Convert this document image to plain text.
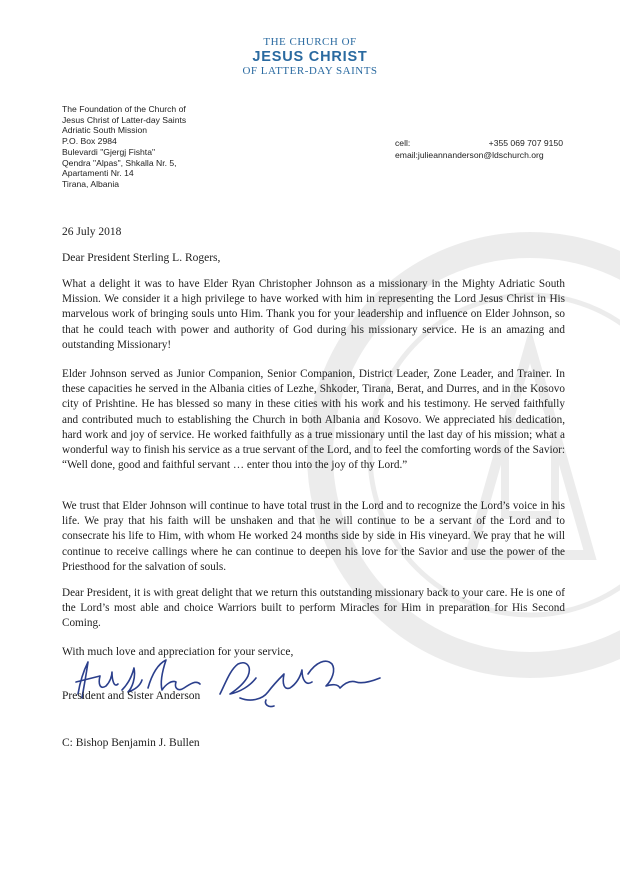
THE CHURCH OF
JESUS CHRIST
OF LATTER-DAY SAINTS
The Foundation of the Church of
Jesus Christ of Latter-day Saints
Adriatic South Mission
P.O. Box 2984
Bulevardi "Gjergj Fishta"
Qendra "Alpas", Shkalla Nr. 5,
Apartamenti Nr. 14
Tirana, Albania
cell:	+355 069 707 9150
email:julieannanderson@ldschurch.org
26 July 2018
Dear President Sterling L. Rogers,

What a delight it was to have Elder Ryan Christopher Johnson as a missionary in the Mighty Adriatic South Mission. We consider it a high privilege to have worked with him in representing the Lord Jesus Christ in His marvelous work of bringing souls unto Him. Thank you for your leadership and influence on Elder Johnson, so that he could teach with power and authority of God during his missionary service. He is an amazing and outstanding Missionary!

Elder Johnson served as Junior Companion, Senior Companion, District Leader, Zone Leader, and Trainer. In these capacities he served in the Albania cities of Lezhe, Shkoder, Tirana, Berat, and Durres, and in the Kosovo city of Prishtine. He has blessed so many in these cities with his work and his testimony. He served faithfully and contributed much to establishing the Church in both Albania and Kosovo. We appreciated his dedication, hard work and joy of service. He worked faithfully as a true missionary until the last day of his mission; what a wonderful way to finish his service as a true servant of the Lord, and to feel the comforting words of the Savior: “Well done, good and faithful servant … enter thou into the joy of thy Lord.”

We trust that Elder Johnson will continue to have total trust in the Lord and to recognize the Lord’s voice in his life. We pray that his faith will be unshaken and that he will continue to be a servant of the Lord and to consecrate his life to Him, with whom He worked 24 months side by side in His vineyard. We pray that he will continue to receive callings where he can continue to deepen his love for the Savior and use the power of the Priesthood for the salvation of souls.

Dear President, it is with great delight that we return this outstanding missionary back to your care. He is one of the Lord’s most able and choice Warriors built to perform Miracles for Him in preparation for His Second Coming.

With much love and appreciation for your service,
President and Sister Anderson
C: Bishop Benjamin J. Bullen
